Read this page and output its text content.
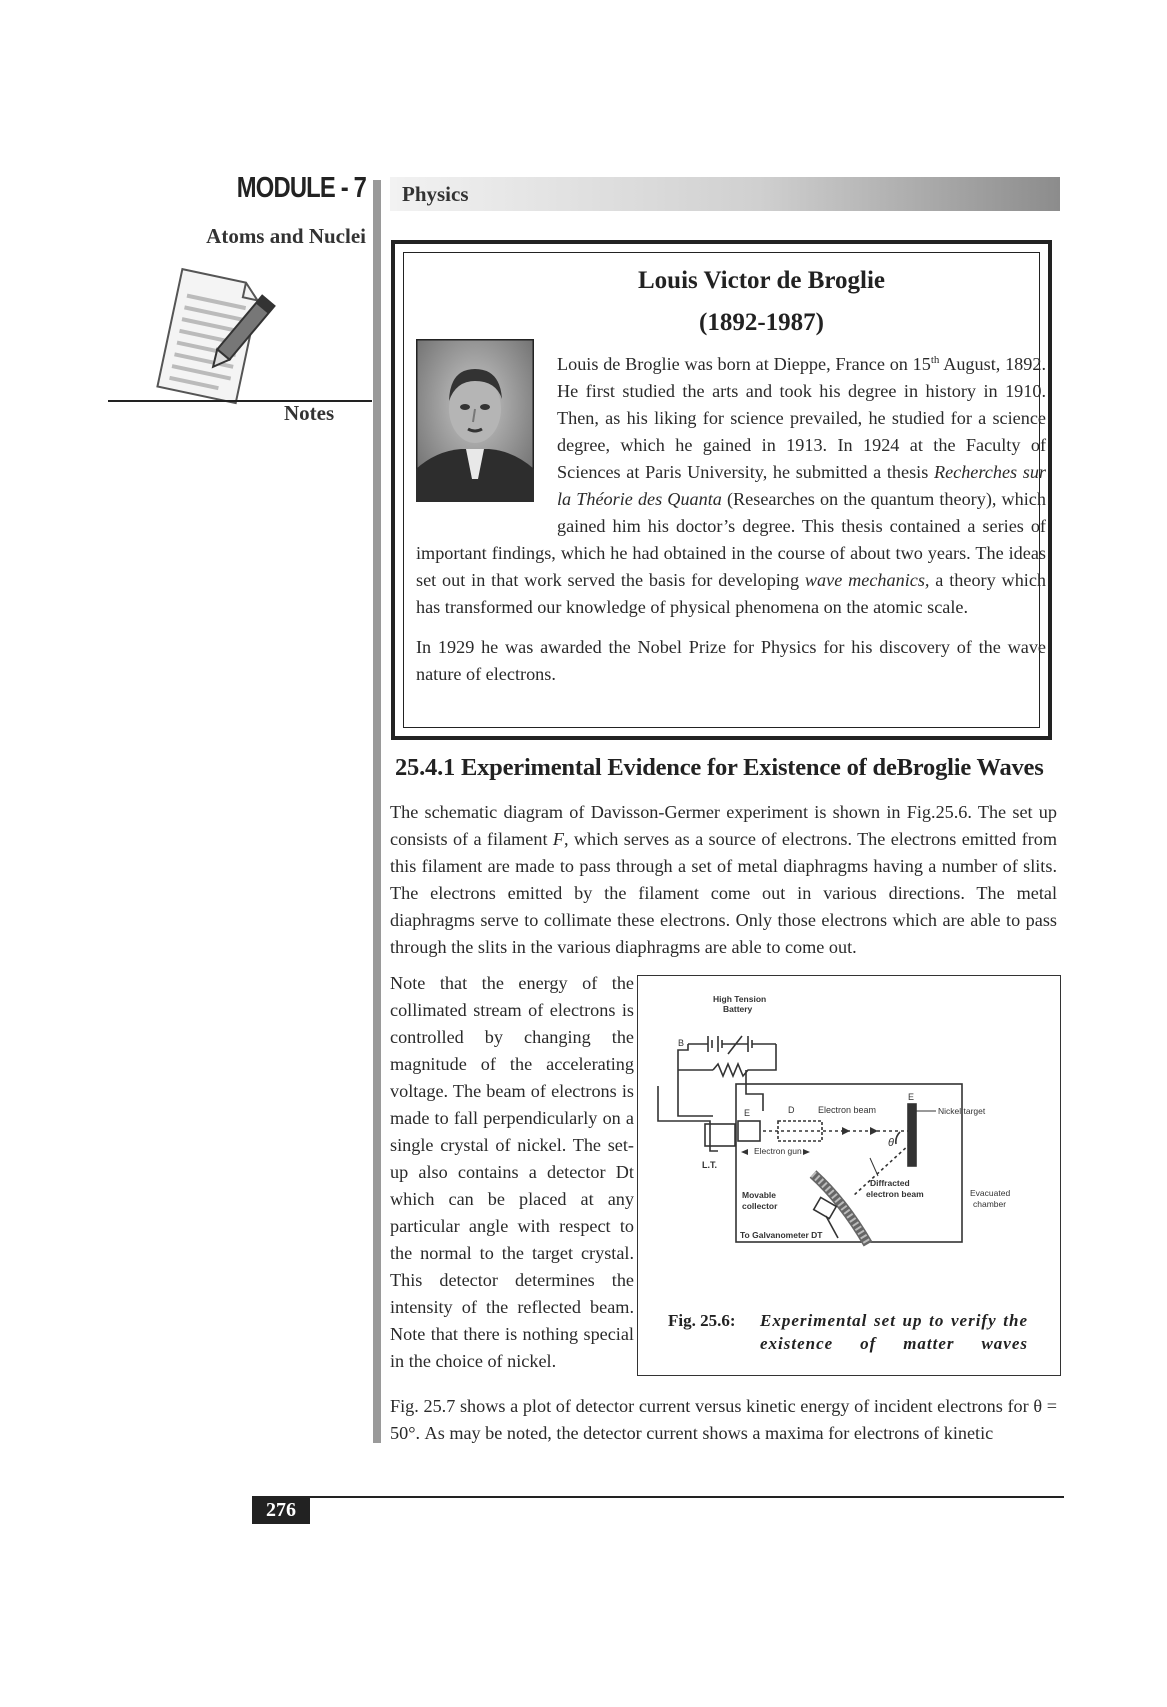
MODULE - 7
Atoms and Nuclei
Notes
Physics
Louis Victor de Broglie
(1892-1987)

Louis de Broglie was born at Dieppe, France on 15th August, 1892. He first studied the arts and took his degree in history in 1910. Then, as his liking for science prevailed, he studied for a science degree, which he gained in 1913. In 1924 at the Faculty of Sciences at Paris University, he submitted a thesis Recherches sur la Théorie des Quanta (Researches on the quantum theory), which gained him his doctor’s degree. This thesis contained a series of important findings, which he had obtained in the course of about two years. The ideas set out in that work served the basis for developing wave mechanics, a theory which has transformed our knowledge of physical phenomena on the atomic scale.

In 1929 he was awarded the Nobel Prize for Physics for his discovery of the wave nature of electrons.

25.4.1 Experimental Evidence for Existence of deBroglie Waves

The schematic diagram of Davisson-Germer experiment is shown in Fig.25.6. The set up consists of a filament F, which serves as a source of electrons. The electrons emitted from this filament are made to pass through a set of metal diaphragms having a number of slits. The electrons emitted by the filament come out in various directions. The metal diaphragms serve to collimate these electrons. Only those electrons which are able to pass through the slits in the various diaphragms are able to come out.

Note that the energy of the collimated stream of electrons is controlled by changing the magnitude of the accelerating voltage. The beam of electrons is made to fall perpendicularly on a single crystal of nickel. The set-up also contains a detector Dt which can be placed at any particular angle with respect to the normal to the target crystal. This detector determines the intensity of the reflected beam. Note that there is nothing special in the choice of nickel.

High Tension
Battery
B
E	D	Electron beam
E
Nickel target
L.T.
Electron gun
θ
Movable
collector
Diffracted
electron beam	Evacuated
chamber
To Galvanometer DT
Fig. 25.6: Experimental set up to verify the existence of matter waves

Fig. 25.7 shows a plot of detector current versus kinetic energy of incident electrons for θ = 50°. As may be noted, the detector current shows a maxima for electrons of kinetic

276
